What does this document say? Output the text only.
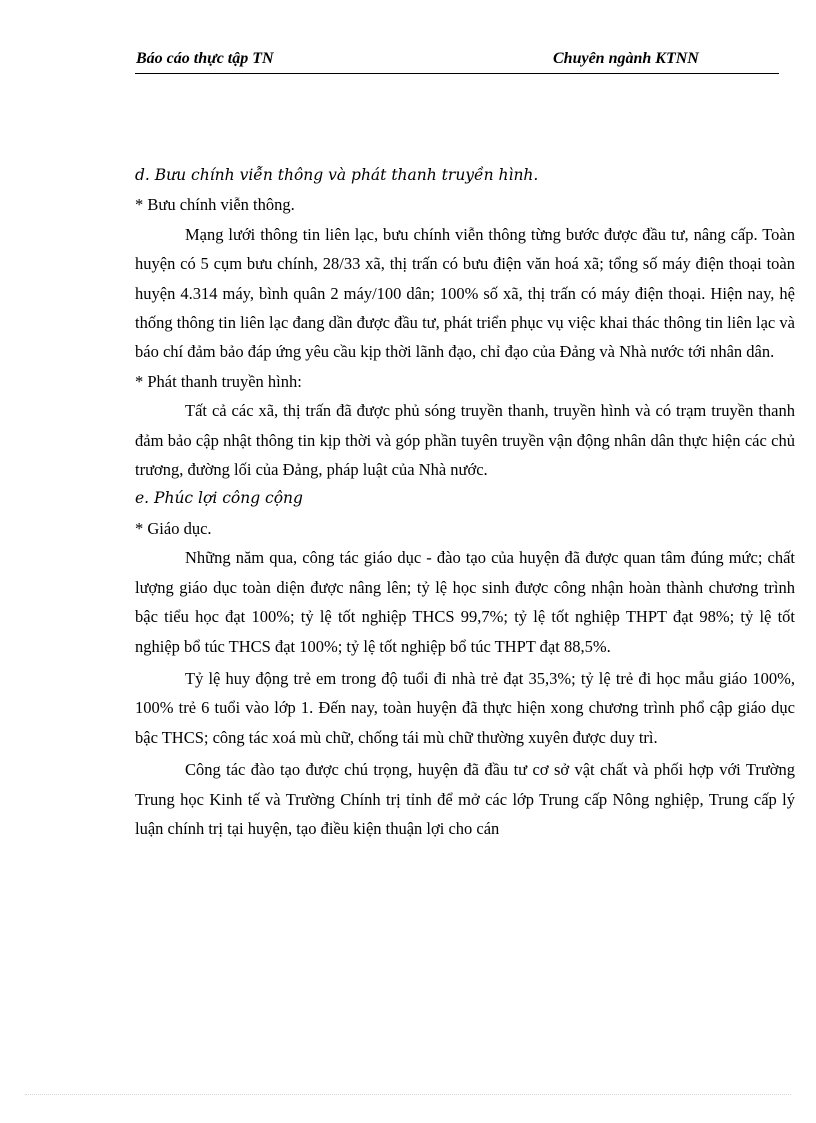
Báo cáo thực tập TN	Chuyên ngành KTNN

d. Bưu chính viễn thông và phát thanh truyền hình.

* Bưu chính viễn thông.

Mạng lưới thông tin liên lạc, bưu chính viễn thông từng bước được đầu tư, nâng cấp. Toàn huyện có 5 cụm bưu chính, 28/33 xã, thị trấn có bưu điện văn hoá xã; tổng số máy điện thoại toàn huyện 4.314 máy, bình quân 2 máy/100 dân; 100% số xã, thị trấn có máy điện thoại. Hiện nay, hệ thống thông tin liên lạc đang dần được đầu tư, phát triển phục vụ việc khai thác thông tin liên lạc và báo chí đảm bảo đáp ứng yêu cầu kịp thời lãnh đạo, chỉ đạo của Đảng và Nhà nước tới nhân dân.

* Phát thanh truyền hình:

Tất cả các xã, thị trấn đã được phủ sóng truyền thanh, truyền hình và có trạm truyền thanh đảm bảo cập nhật thông tin kịp thời và góp phần tuyên truyền vận động nhân dân thực hiện các chủ trương, đường lối của Đảng, pháp luật của Nhà nước.

e. Phúc lợi công cộng

* Giáo dục.

Những năm qua, công tác giáo dục - đào tạo của huyện đã được quan tâm đúng mức; chất lượng giáo dục toàn diện được nâng lên; tỷ lệ học sinh được công nhận hoàn thành chương trình bậc tiểu học đạt 100%; tỷ lệ tốt nghiệp THCS 99,7%; tỷ lệ tốt nghiệp THPT đạt 98%; tỷ lệ tốt nghiệp bổ túc THCS đạt 100%; tỷ lệ tốt nghiệp bổ túc THPT đạt 88,5%.

Tỷ lệ huy động trẻ em trong độ tuổi đi nhà trẻ đạt 35,3%; tỷ lệ trẻ đi học mẫu giáo 100%, 100% trẻ 6 tuổi vào lớp 1. Đến nay, toàn huyện đã thực hiện xong chương trình phổ cập giáo dục bậc THCS; công tác xoá mù chữ, chống tái mù chữ thường xuyên được duy trì.

Công tác đào tạo được chú trọng, huyện đã đầu tư cơ sở vật chất và phối hợp với Trường Trung học Kinh tế và Trường Chính trị tỉnh để mở các lớp Trung cấp Nông nghiệp, Trung cấp lý luận chính trị tại huyện, tạo điều kiện thuận lợi cho cán
